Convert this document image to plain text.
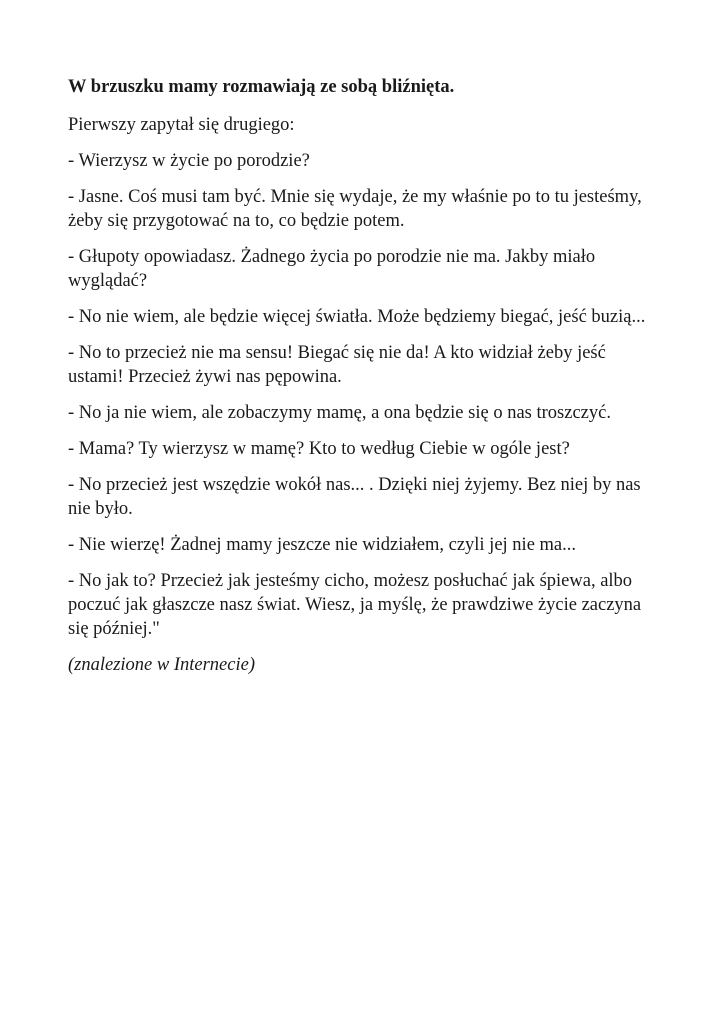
W brzuszku mamy rozmawiają ze sobą bliźnięta.

Pierwszy zapytał się drugiego:

- Wierzysz w życie po porodzie?

- Jasne. Coś musi tam być. Mnie się wydaje, że my właśnie po to tu jesteśmy, żeby się przygotować na to, co będzie potem.

- Głupoty opowiadasz. Żadnego życia po porodzie nie ma. Jakby miało wyglądać?

- No nie wiem, ale będzie więcej światła. Może będziemy biegać, jeść buzią...

- No to przecież nie ma sensu! Biegać się nie da! A kto widział żeby jeść ustami! Przecież żywi nas pępowina.

- No ja nie wiem, ale zobaczymy mamę, a ona będzie się o nas troszczyć.

- Mama? Ty wierzysz w mamę? Kto to według Ciebie w ogóle jest?

- No przecież jest wszędzie wokół nas... . Dzięki niej żyjemy. Bez niej by nas nie było.

- Nie wierzę! Żadnej mamy jeszcze nie widziałem, czyli jej nie ma...

- No jak to? Przecież jak jesteśmy cicho, możesz posłuchać jak śpiewa, albo poczuć jak głaszcze nasz świat. Wiesz, ja myślę, że prawdziwe życie zaczyna się później."

(znalezione w Internecie)
